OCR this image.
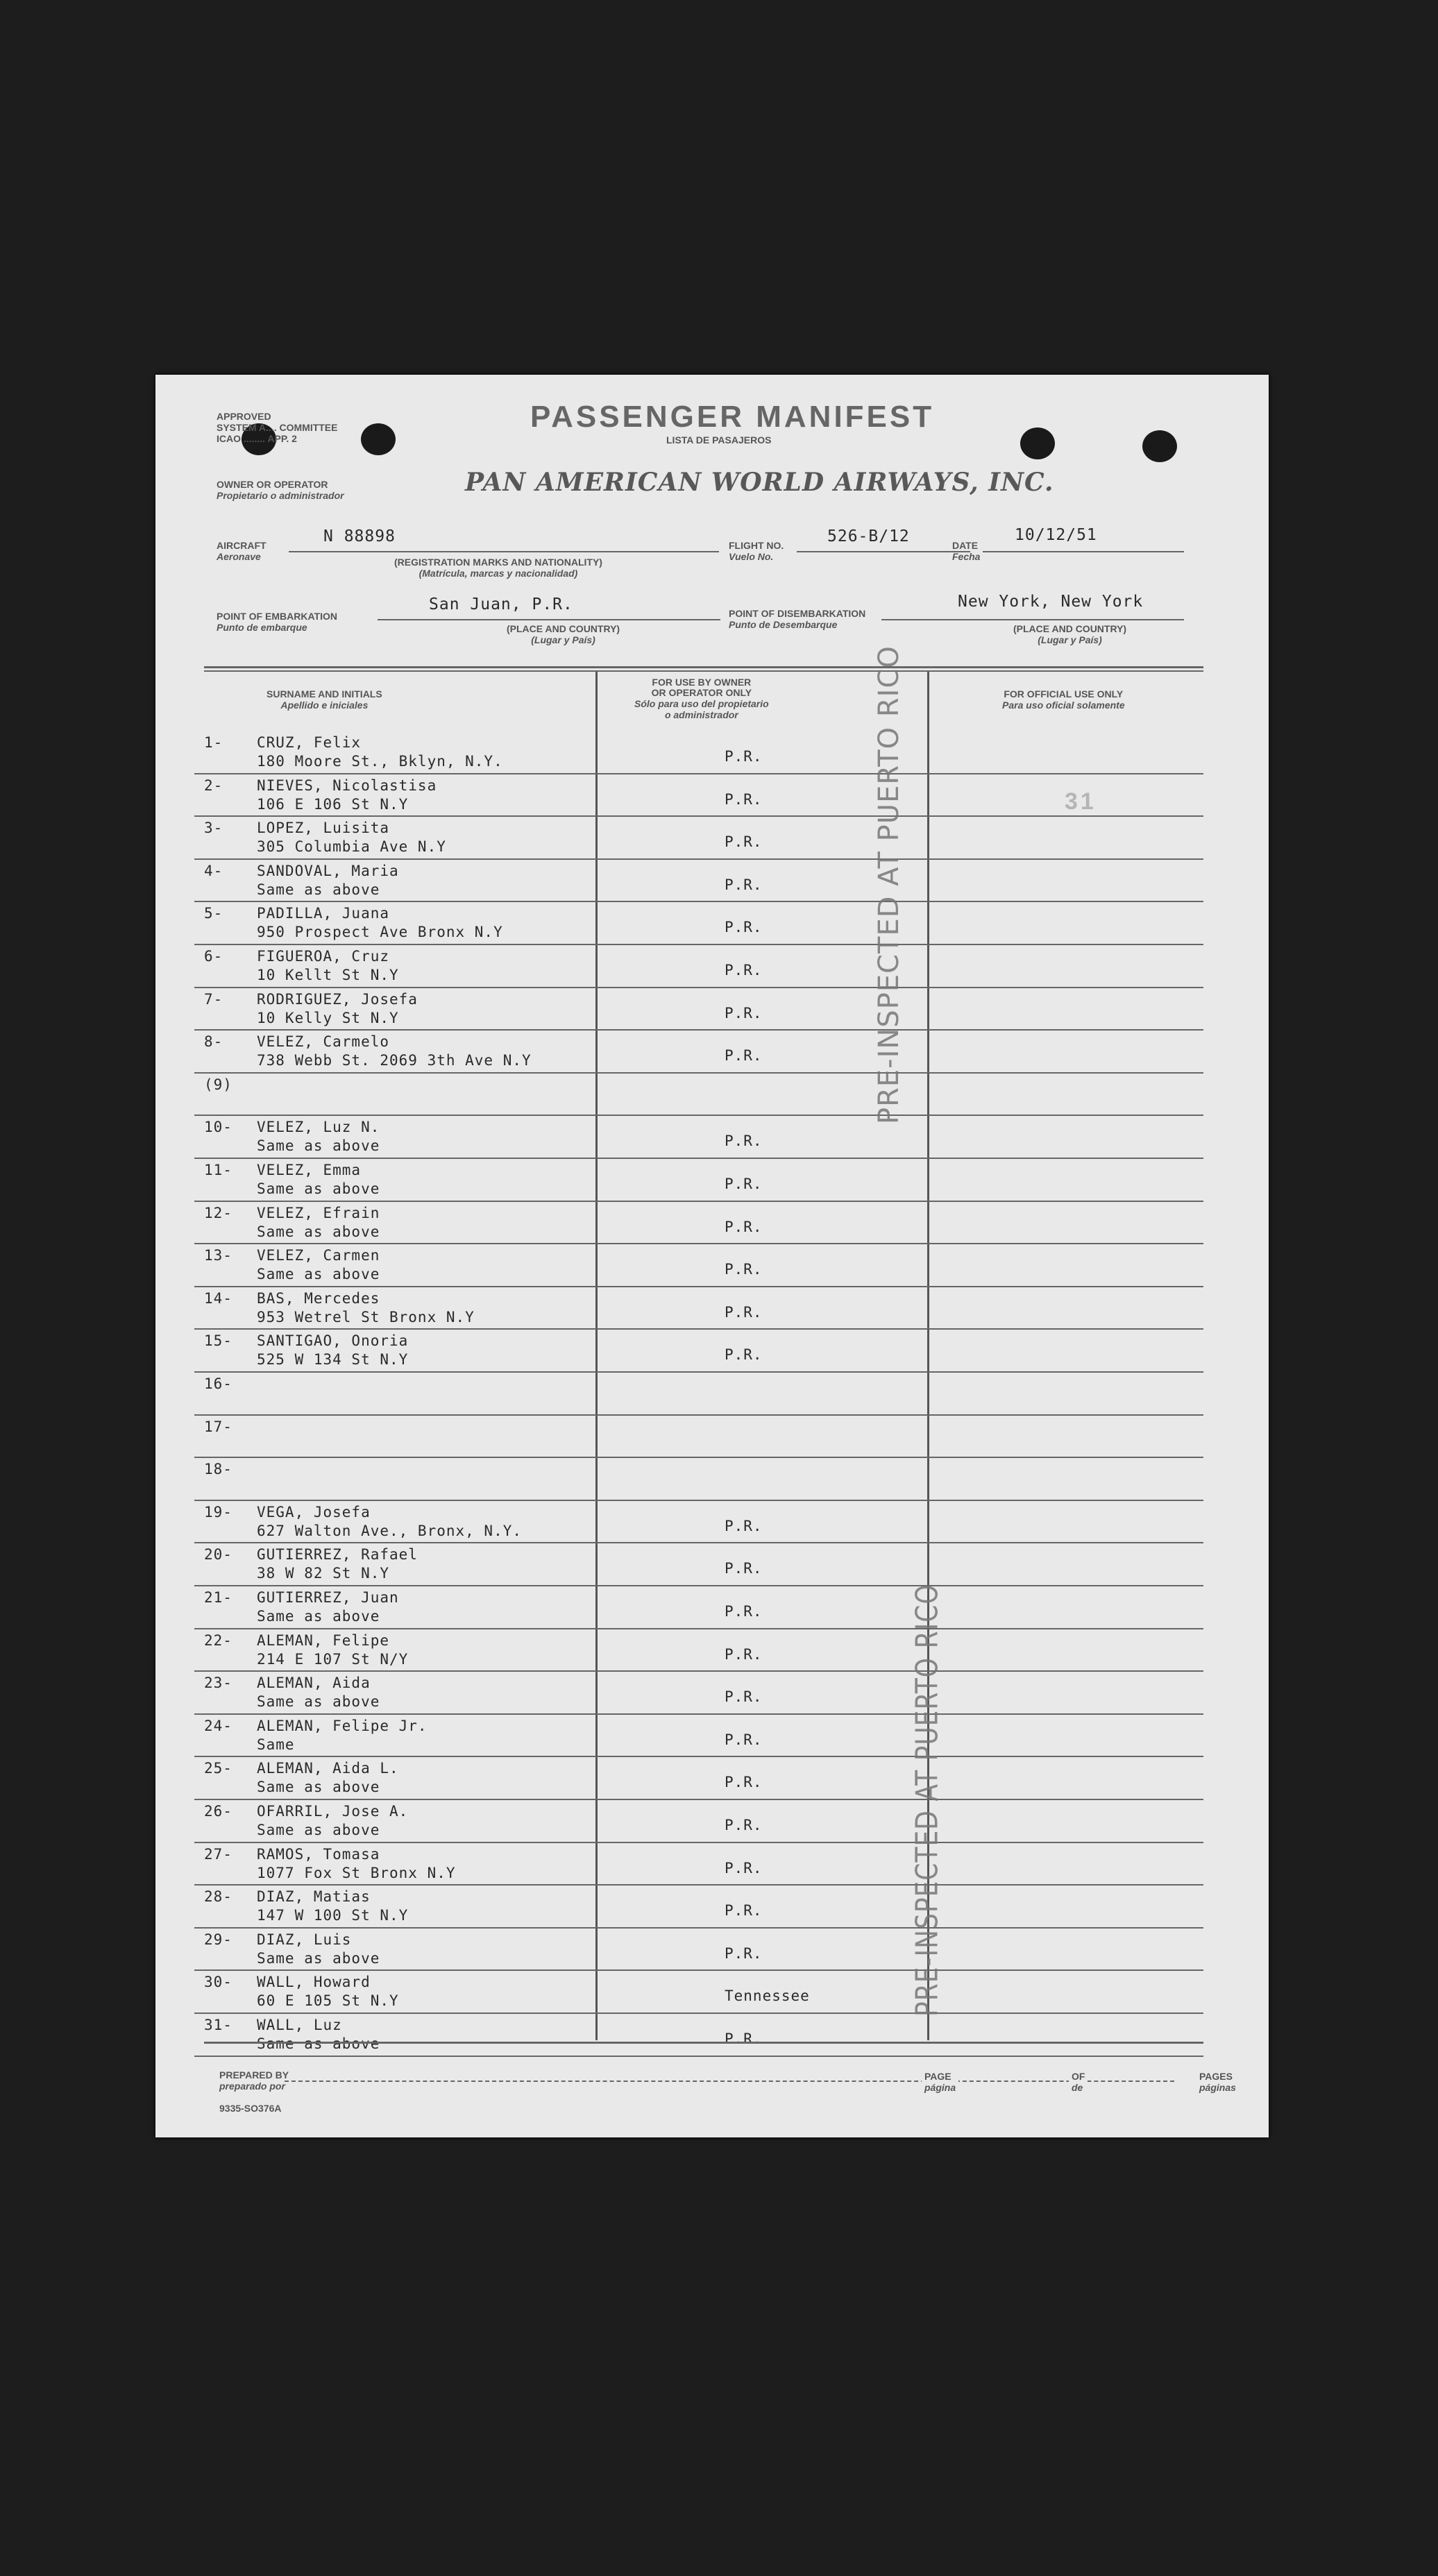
APPROVED
SYSTEM A.... COMMITTEE
ICAO ........ APP. 2
PASSENGER MANIFEST
LISTA DE PASAJEROS
OWNER OR OPERATOR
Propietario o administrador	PAN AMERICAN WORLD AIRWAYS, INC.
AIRCRAFT
Aeronave
N 88898
(REGISTRATION MARKS AND NATIONALITY)
(Matrícula, marcas y nacionalidad)
FLIGHT NO.
Vuelo No.
526-B/12	DATE
Fecha
10/12/51
POINT OF EMBARKATION
Punto de embarque
San Juan, P.R.
(PLACE AND COUNTRY)
(Lugar y País)
POINT OF DISEMBARKATION
Punto de Desembarque
New York, New York
(PLACE AND COUNTRY)
(Lugar y País)
SURNAME AND INITIALS
Apellido e iniciales
FOR USE BY OWNER
OR OPERATOR ONLY
Sólo para uso del propietario
o administrador
FOR OFFICIAL USE ONLY
Para uso oficial solamente
1- CRUZ, Felix
180 Moore St., Bklyn, N.Y.	P.R.
2- NIEVES, Nicolastisa
106 E 106 St N.Y	P.R.
3- LOPEZ, Luisita
305 Columbia Ave N.Y	P.R.
4- SANDOVAL, Maria
Same as above	P.R.
5- PADILLA, Juana
950 Prospect Ave Bronx N.Y	P.R.
6- FIGUEROA, Cruz
10 Kellt St N.Y	P.R.
7- RODRIGUEZ, Josefa
10 Kelly St N.Y	P.R.
8- VELEZ, Carmelo
738 Webb St. 2069 3th Ave N.Y	P.R.
(9)
10- VELEZ, Luz N.
Same as above	P.R.
11- VELEZ, Emma
Same as above	P.R.
12- VELEZ, Efrain
Same as above	P.R.
13- VELEZ, Carmen
Same as above	P.R.
14- BAS, Mercedes
953 Wetrel St Bronx N.Y	P.R.
15- SANTIGAO, Onoria
525 W 134 St N.Y	P.R.
16-
17-
18-
19- VEGA, Josefa
627 Walton Ave., Bronx, N.Y.	P.R.
20- GUTIERREZ, Rafael
38 W 82 St N.Y	P.R.
21- GUTIERREZ, Juan
Same as above	P.R.
22- ALEMAN, Felipe
214 E 107 St N/Y	P.R.
23- ALEMAN, Aida
Same as above	P.R.
24- ALEMAN, Felipe Jr.
Same	P.R.
25- ALEMAN, Aida L.
Same as above	P.R.
26- OFARRIL, Jose A.
Same as above	P.R.
27- RAMOS, Tomasa
1077 Fox St Bronx N.Y	P.R.
28- DIAZ, Matias
147 W 100 St N.Y	P.R.
29- DIAZ, Luis
Same as above	P.R.
30- WALL, Howard
60 E 105 St N.Y	Tennessee
31- WALL, Luz
Same as above	P.R.
31
PRE-INSPECTED AT PUERTO RICO
PRE-INSPECTED AT PUERTO RICO
PREPARED BY
preparado por
PAGE
página
OF
de
PAGES
páginas
9335-SO376A
